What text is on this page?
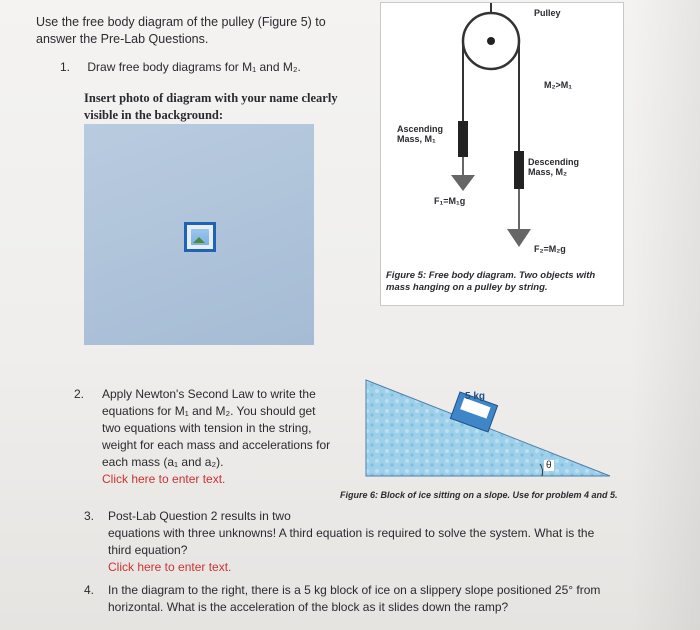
Use the free body diagram of the pulley (Figure 5) to
answer the Pre-Lab Questions.
1. Draw free body diagrams for M₁ and M₂.
Insert photo of diagram with your name clearly
visible in the background:
Pulley
M₂>M₁
Ascending
Mass, M₁
Descending
Mass, M₂
F₁=M₁g
F₂=M₂g
Figure 5: Free body diagram. Two objects with
mass hanging on a pulley by string.
2. Apply Newton's Second Law to write the
equations for M₁ and M₂. You should get
two equations with tension in the string,
weight for each mass and accelerations for
each mass (a₁ and a₂).
Click here to enter text.
5 kg
θ
Figure 6: Block of ice sitting on a slope. Use for problem 4 and 5.
3. Post-Lab Question 2 results in two
equations with three unknowns! A third equation is required to solve the system. What is the
third equation?
Click here to enter text.
4. In the diagram to the right, there is a 5 kg block of ice on a slippery slope positioned 25° from
horizontal. What is the acceleration of the block as it slides down the ramp?
